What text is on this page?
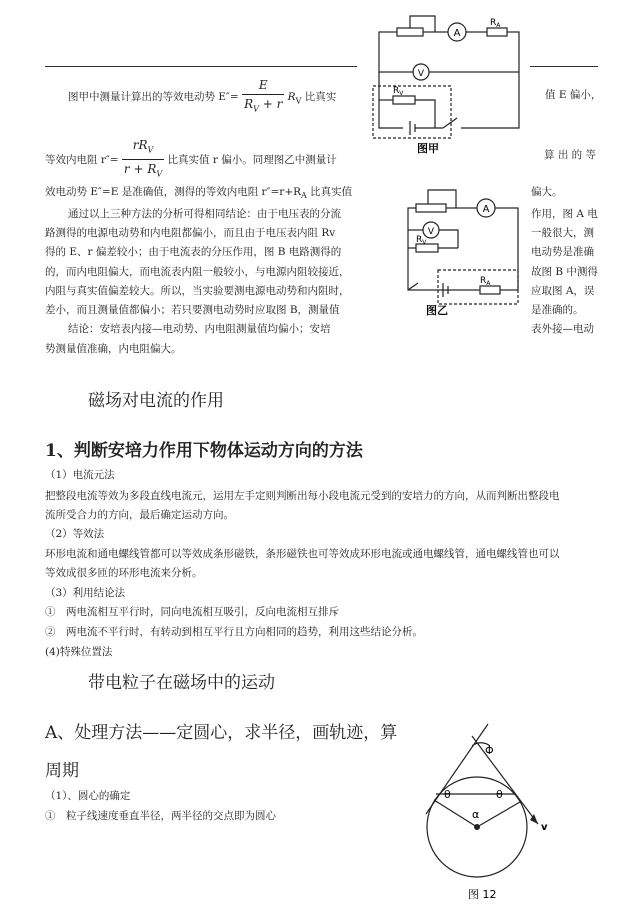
图甲中测量计算出的等效电动势 $E''= \frac{E}{R_V + r} R_V$ 比真实	值 E 偏小，
等效内电阻 $r''= \frac{rR_V}{r + R_V}$ 比真实值 r 偏小。同理图乙中测量计	算 出 的 等
效电动势 E″=E 是准确值，测得的等效内电阻 $r''=r+R_A$ 比真实值	偏大。
通过以上三种方法的分析可得相同结论：由于电压表的分流
路测得的电源电动势和内电阻都偏小，而且由于电压表内阻 Rv
得的 E、r 偏差较小；由于电流表的分压作用，图 B 电路测得的
的，而内电阻偏大，而电流表内阻一般较小，与电源内阻较接近，
内阻与真实值偏差较大。所以，当实验要测电源电动势和内阻时，
差小，而且测量值都偏小；若只要测电动势时应取图 B，测量值
结论：安培表内接—电动势、内电阻测量值均偏小；安培
势测量值准确，内电阻偏大。
作用，图 A 电
一般很大，测
电动势是准确
故图 B 中测得
应取图 A，误
是准确的。
表外接—电动
A
V
$R_A$
$R_V$
图甲
A
V
$R_V$
$R_A$
图乙
磁场对电流的作用
1、判断安培力作用下物体运动方向的方法
（1）电流元法
把整段电流等效为多段直线电流元，运用左手定则判断出每小段电流元受到的安培力的方向，从而判断出整段电
流所受合力的方向，最后确定运动方向。
（2）等效法
环形电流和通电螺线管都可以等效成条形磁铁，条形磁铁也可等效成环形电流或通电螺线管，通电螺线管也可以
等效成很多匝的环形电流来分析。
（3）利用结论法
①　两电流相互平行时，同向电流相互吸引，反向电流相互排斥
②　两电流不平行时，有转动到相互平行且方向相同的趋势，利用这些结论分析。
(4)特殊位置法
带电粒子在磁场中的运动
A、处理方法——定圆心，求半径，画轨迹，算
周期
（1）、圆心的确定
①　粒子线速度垂直半径，两半径的交点即为圆心
Φ
θ	θ
α
v
图 12
